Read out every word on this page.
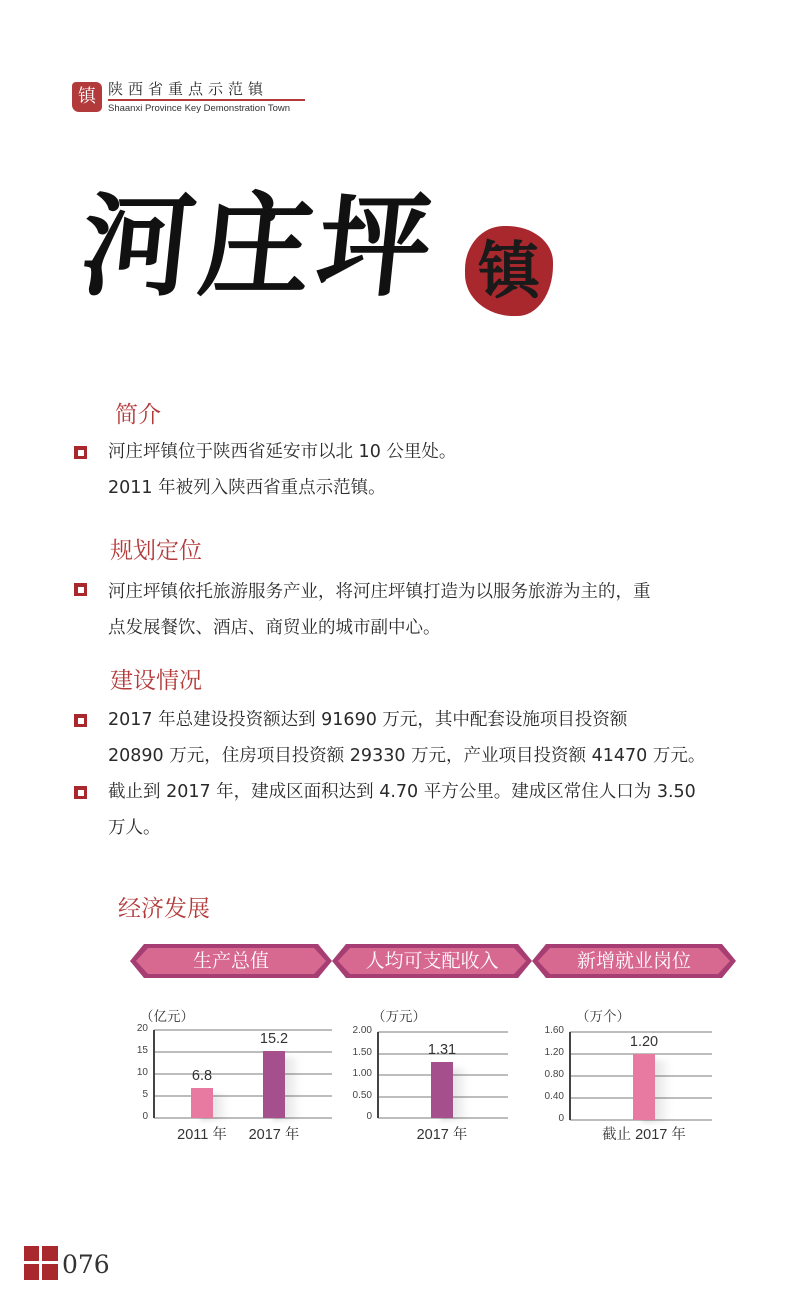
镇 陕西省重点示范镇
Shaanxi Province Key Demonstration Town
河庄坪 镇
简介
河庄坪镇位于陕西省延安市以北 10 公里处。
2011 年被列入陕西省重点示范镇。
规划定位
河庄坪镇依托旅游服务产业，将河庄坪镇打造为以服务旅游为主的，重
点发展餐饮、酒店、商贸业的城市副中心。
建设情况
2017 年总建设投资额达到 91690 万元，其中配套设施项目投资额
20890 万元，住房项目投资额 29330 万元，产业项目投资额 41470 万元。
截止到 2017 年，建成区面积达到 4.70 平方公里。建成区常住人口为 3.50
万人。
经济发展
生产总值	人均可支配收入	新增就业岗位
（亿元）
0
5
10
15
20
6.8
2011 年
15.2
2017 年
（万元）
0
0.50
1.00
1.50
2.00
1.31
2017 年
（万个）
0
0.40
0.80
1.20
1.60
1.20
截止 2017 年
076
